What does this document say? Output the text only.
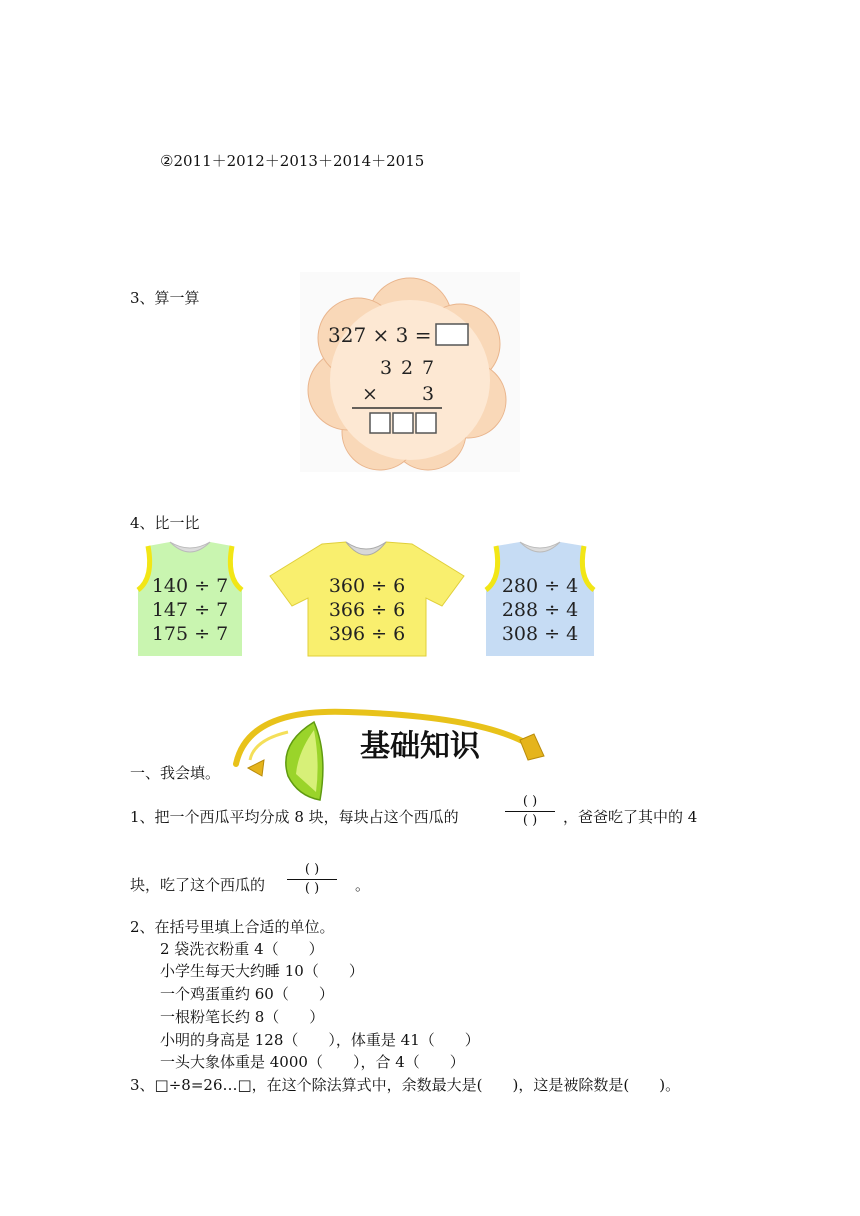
②2011＋2012＋2013＋2014＋2015
3、算一算
327 × 3 =
3 2 7
× 3
4、比一比
140 ÷ 7
147 ÷ 7
175 ÷ 7
360 ÷ 6
366 ÷ 6
396 ÷ 6
280 ÷ 4
288 ÷ 4
308 ÷ 4
基础知识
一、我会填。
1、把一个西瓜平均分成 8 块，每块占这个西瓜的
( )
( ) ，爸爸吃了其中的 4
块，吃了这个西瓜的
( )
( ) 。
2、在括号里填上合适的单位。
2 袋洗衣粉重 4（　　）
小学生每天大约睡 10（　　）
一个鸡蛋重约 60（　　）
一根粉笔长约 8（　　）
小明的身高是 128（　　），体重是 41（　　）
一头大象体重是 4000（　　），合 4（　　）
3、□÷8=26…□，在这个除法算式中，余数最大是(　　)，这是被除数是(　　)。
